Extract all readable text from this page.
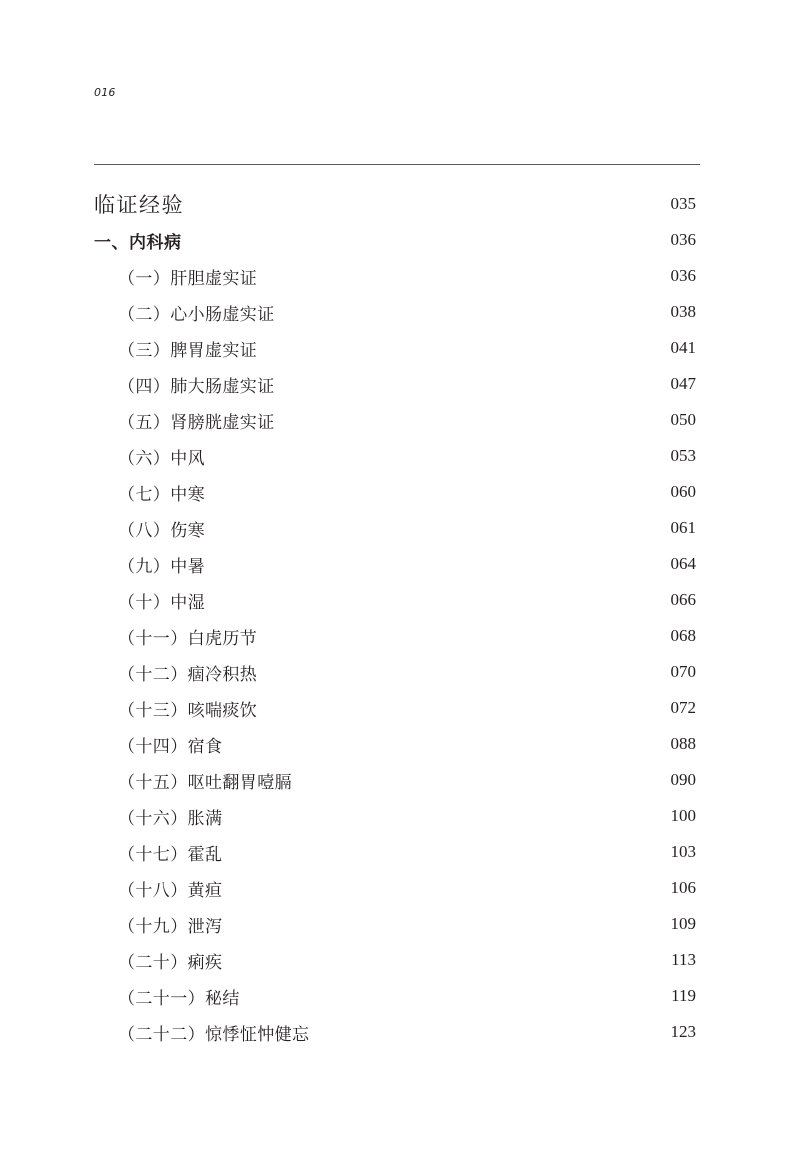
016
临证经验	035
一、内科病	036
（一）肝胆虚实证	036
（二）心小肠虚实证	038
（三）脾胃虚实证	041
（四）肺大肠虚实证	047
（五）肾膀胱虚实证	050
（六）中风	053
（七）中寒	060
（八）伤寒	061
（九）中暑	064
（十）中湿	066
（十一）白虎历节	068
（十二）痼冷积热	070
（十三）咳喘痰饮	072
（十四）宿食	088
（十五）呕吐翻胃噎膈	090
（十六）胀满	100
（十七）霍乱	103
（十八）黄疸	106
（十九）泄泻	109
（二十）痢疾	113
（二十一）秘结	119
（二十二）惊悸怔忡健忘	123
